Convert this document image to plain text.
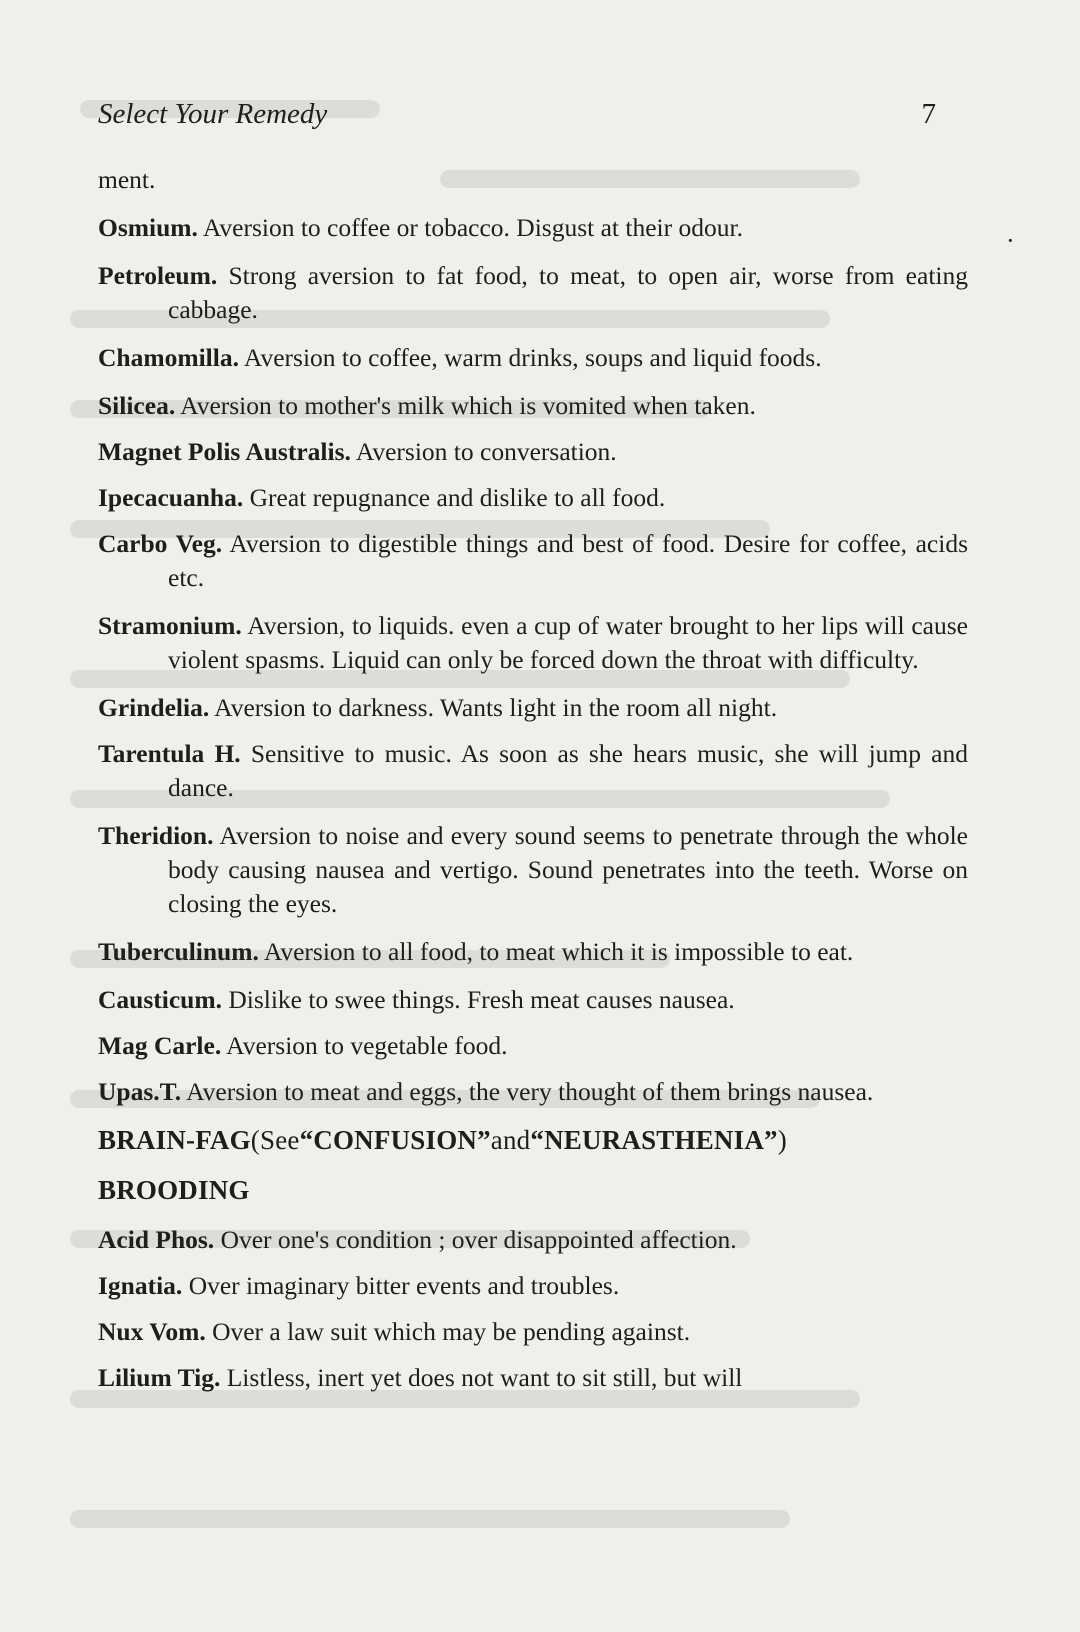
Select Your Remedy	7
·

ment.

Osmium. Aversion to coffee or tobacco. Disgust at their odour.

Petroleum. Strong aversion to fat food, to meat, to open air, worse from eating cabbage.

Chamomilla. Aversion to coffee, warm drinks, soups and liquid foods.

Silicea. Aversion to mother's milk which is vomited when taken.

Magnet Polis Australis. Aversion to conversation.

Ipecacuanha. Great repugnance and dislike to all food.

Carbo Veg. Aversion to digestible things and best of food. Desire for coffee, acids etc.

Stramonium. Aversion, to liquids. even a cup of water brought to her lips will cause violent spasms. Liquid can only be forced down the throat with difficulty.

Grindelia. Aversion to darkness. Wants light in the room all night.

Tarentula H. Sensitive to music. As soon as she hears music, she will jump and dance.

Theridion. Aversion to noise and every sound seems to penetrate through the whole body causing nausea and vertigo. Sound penetrates into the teeth. Worse on closing the eyes.

Tuberculinum. Aversion to all food, to meat which it is impossible to eat.

Causticum. Dislike to swee things. Fresh meat causes nausea.

Mag Carle. Aversion to vegetable food.

Upas.T. Aversion to meat and eggs, the very thought of them brings nausea.

BRAIN-FAG(See“CONFUSION”and“NEURASTHENIA”)

BROODING

Acid Phos. Over one's condition ; over disappointed affection.

Ignatia. Over imaginary bitter events and troubles.

Nux Vom. Over a law suit which may be pending against.

Lilium Tig. Listless, inert yet does not want to sit still, but will
